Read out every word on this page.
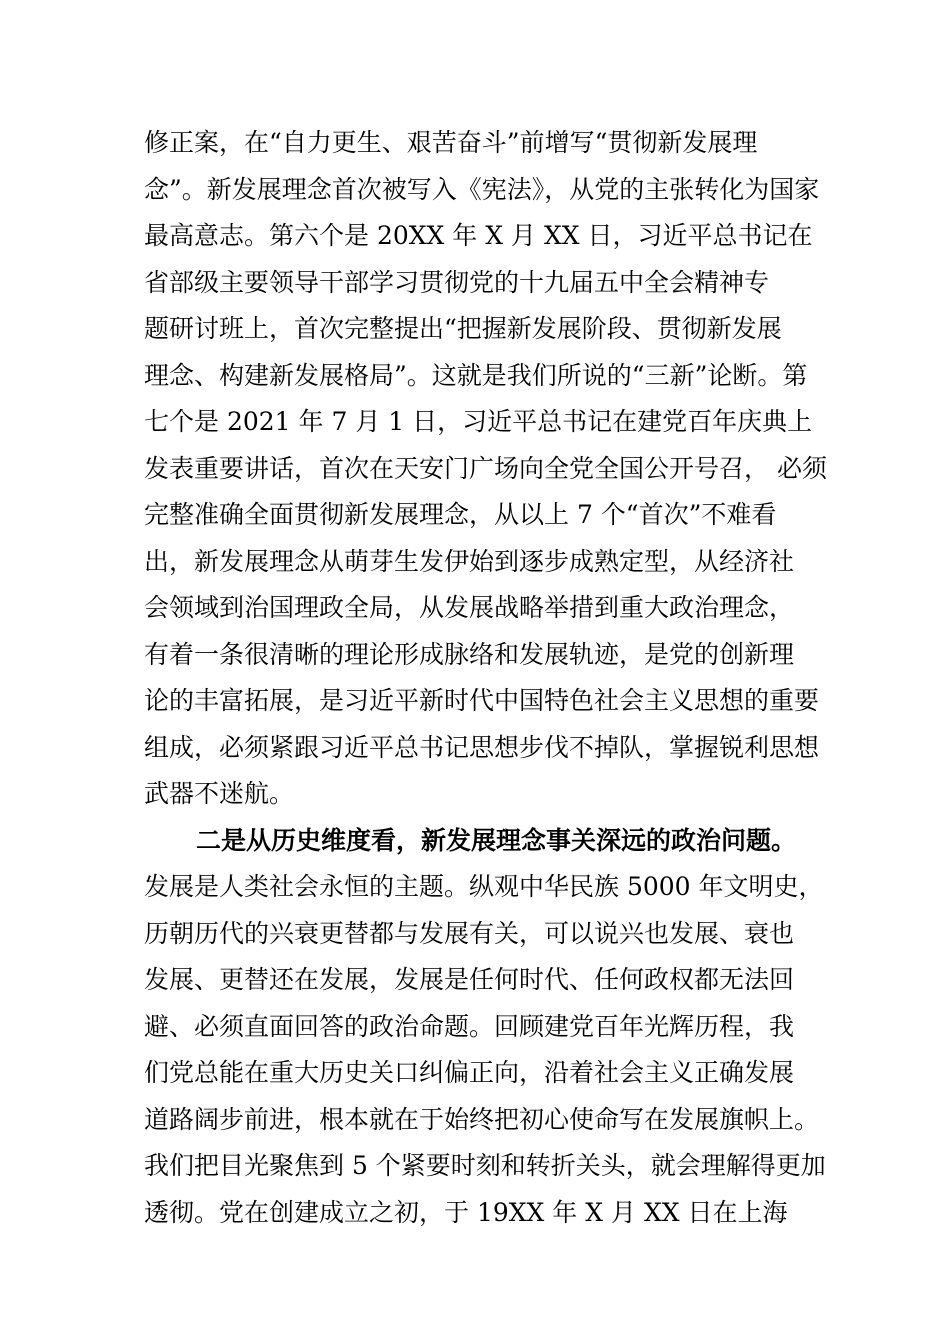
修正案，在“自力更生、艰苦奋斗”前增写“贯彻新发展理
念”。新发展理念首次被写入《宪法》，从党的主张转化为国家
最高意志。第六个是 20XX 年 X 月 XX 日，习近平总书记在
省部级主要领导干部学习贯彻党的十九届五中全会精神专
题研讨班上，首次完整提出“把握新发展阶段、贯彻新发展
理念、构建新发展格局”。这就是我们所说的“三新”论断。第
七个是 2021 年 7 月 1 日，习近平总书记在建党百年庆典上
发表重要讲话，首次在天安门广场向全党全国公开号召， 必须
完整准确全面贯彻新发展理念，从以上 7 个“首次”不难看
出，新发展理念从萌芽生发伊始到逐步成熟定型，从经济社
会领域到治国理政全局，从发展战略举措到重大政治理念，
有着一条很清晰的理论形成脉络和发展轨迹，是党的创新理
论的丰富拓展，是习近平新时代中国特色社会主义思想的重要
组成，必须紧跟习近平总书记思想步伐不掉队，掌握锐利思想
武器不迷航。
二是从历史维度看，新发展理念事关深远的政治问题。
发展是人类社会永恒的主题。纵观中华民族 5000 年文明史，
历朝历代的兴衰更替都与发展有关，可以说兴也发展、衰也
发展、更替还在发展，发展是任何时代、任何政权都无法回
避、必须直面回答的政治命题。回顾建党百年光辉历程，我
们党总能在重大历史关口纠偏正向，沿着社会主义正确发展
道路阔步前进，根本就在于始终把初心使命写在发展旗帜上。
我们把目光聚焦到 5 个紧要时刻和转折关头，就会理解得更加
透彻。党在创建成立之初，于 19XX 年 X 月 XX 日在上海
